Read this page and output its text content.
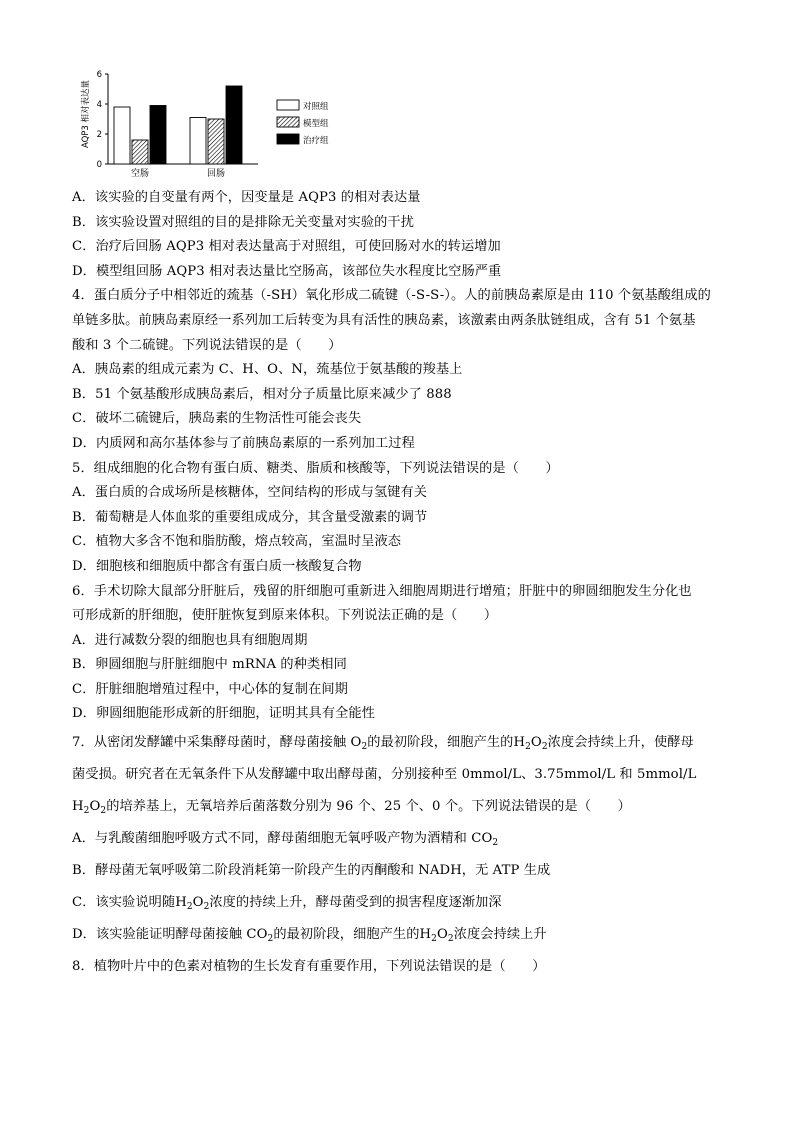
AQP3 相对表达量
0
2
4
6
空肠	回肠
对照组
模型组
治疗组
A．该实验的自变量有两个，因变量是 AQP3 的相对表达量
B．该实验设置对照组的目的是排除无关变量对实验的干扰
C．治疗后回肠 AQP3 相对表达量高于对照组，可使回肠对水的转运增加
D．模型组回肠 AQP3 相对表达量比空肠高，该部位失水程度比空肠严重
4．蛋白质分子中相邻近的巯基（-SH）氧化形成二硫键（-S-S-）。人的前胰岛素原是由 110 个氨基酸组成的
单链多肽。前胰岛素原经一系列加工后转变为具有活性的胰岛素，该激素由两条肽链组成，含有 51 个氨基
酸和 3 个二硫键。下列说法错误的是（　　）
A．胰岛素的组成元素为 C、H、O、N，巯基位于氨基酸的羧基上
B．51 个氨基酸形成胰岛素后，相对分子质量比原来减少了 888
C．破坏二硫键后，胰岛素的生物活性可能会丧失
D．内质网和高尔基体参与了前胰岛素原的一系列加工过程
5．组成细胞的化合物有蛋白质、糖类、脂质和核酸等，下列说法错误的是（　　）
A．蛋白质的合成场所是核糖体，空间结构的形成与氢键有关
B．葡萄糖是人体血浆的重要组成成分，其含量受激素的调节
C．植物大多含不饱和脂肪酸，熔点较高，室温时呈液态
D．细胞核和细胞质中都含有蛋白质一核酸复合物
6．手术切除大鼠部分肝脏后，残留的肝细胞可重新进入细胞周期进行增殖；肝脏中的卵圆细胞发生分化也
可形成新的肝细胞，使肝脏恢复到原来体积。下列说法正确的是（　　）
A．进行减数分裂的细胞也具有细胞周期
B．卵圆细胞与肝脏细胞中 mRNA 的种类相同
C．肝脏细胞增殖过程中，中心体的复制在间期
D．卵圆细胞能形成新的肝细胞，证明其具有全能性
7．从密闭发酵罐中采集酵母菌时，酵母菌接触 $O_2$的最初阶段，细胞产生的$H_2O_2$浓度会持续上升，使酵母
菌受损。研究者在无氧条件下从发酵罐中取出酵母菌，分别接种至 0mmol/L、3.75mmol/L 和 5mmol/L
$H_2O_2$的培养基上，无氧培养后菌落数分别为 96 个、25 个、0 个。下列说法错误的是（　　）
A．与乳酸菌细胞呼吸方式不同，酵母菌细胞无氧呼吸产物为酒精和 $CO_2$
B．酵母菌无氧呼吸第二阶段消耗第一阶段产生的丙酮酸和 NADH，无 ATP 生成
C．该实验说明随$H_2O_2$浓度的持续上升，酵母菌受到的损害程度逐渐加深
D．该实验能证明酵母菌接触 $CO_2$的最初阶段，细胞产生的$H_2O_2$浓度会持续上升
8．植物叶片中的色素对植物的生长发育有重要作用，下列说法错误的是（　　）
